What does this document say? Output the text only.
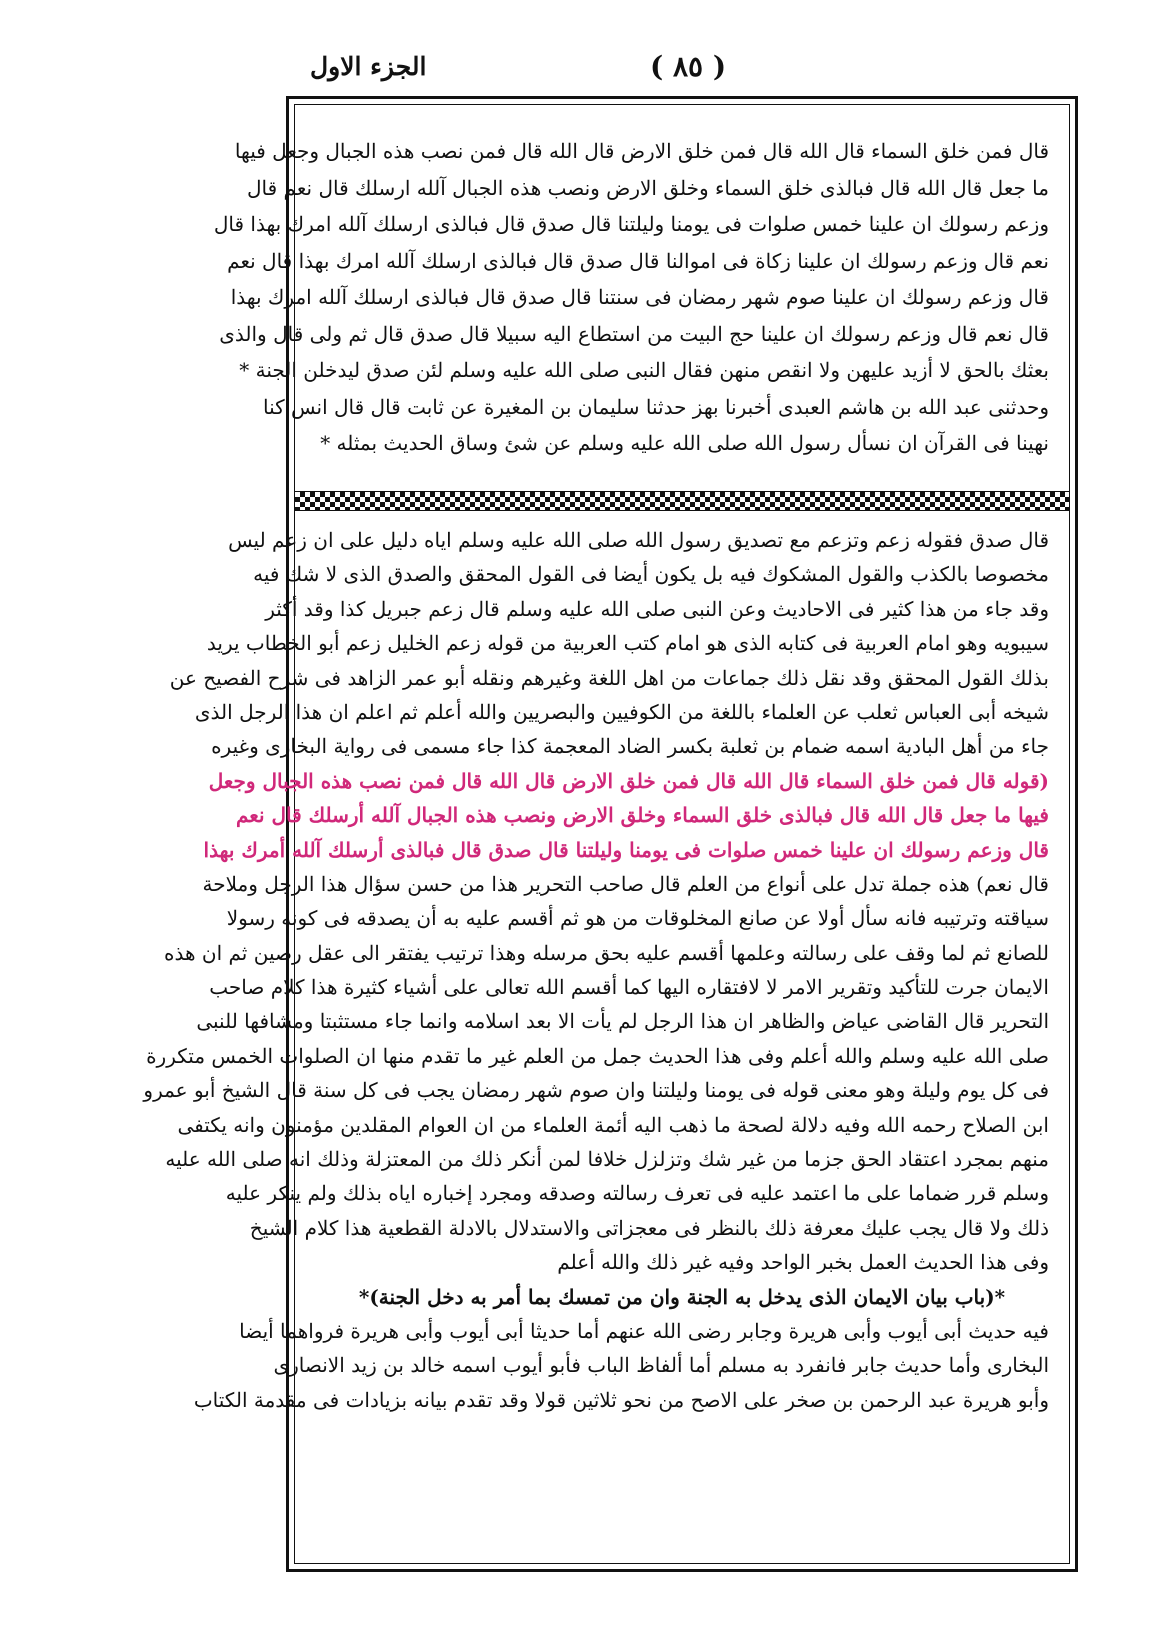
الجزء الاول	( ٨٥ )
قال فمن خلق السماء قال الله قال فمن خلق الارض قال الله قال فمن نصب هذه الجبال وجعل فيها
ما جعل قال الله قال فبالذى خلق السماء وخلق الارض ونصب هذه الجبال آلله ارسلك قال نعم قال
وزعم رسولك ان علينا خمس صلوات فى يومنا وليلتنا قال صدق قال فبالذى ارسلك آلله امرك بهذا قال
نعم قال وزعم رسولك ان علينا زكاة فى اموالنا قال صدق قال فبالذى ارسلك آلله امرك بهذا قال نعم
قال وزعم رسولك ان علينا صوم شهر رمضان فى سنتنا قال صدق قال فبالذى ارسلك آلله امرك بهذا
قال نعم قال وزعم رسولك ان علينا حج البيت من استطاع اليه سبيلا قال صدق قال ثم ولى قال والذى
بعثك بالحق لا أزيد عليهن ولا انقص منهن فقال النبى صلى الله عليه وسلم لئن صدق ليدخلن الجنة *
وحدثنى عبد الله بن هاشم العبدى أخبرنا بهز حدثنا سليمان بن المغيرة عن ثابت قال قال انس كنا
نهينا فى القرآن ان نسأل رسول الله صلى الله عليه وسلم عن شئ وساق الحديث بمثله *
قال صدق فقوله زعم وتزعم مع تصديق رسول الله صلى الله عليه وسلم اياه دليل على ان زعم ليس
مخصوصا بالكذب والقول المشكوك فيه بل يكون أيضا فى القول المحقق والصدق الذى لا شك فيه
وقد جاء من هذا كثير فى الاحاديث وعن النبى صلى الله عليه وسلم قال زعم جبريل كذا وقد أكثر
سيبويه وهو امام العربية فى كتابه الذى هو امام كتب العربية من قوله زعم الخليل زعم أبو الخطاب يريد
بذلك القول المحقق وقد نقل ذلك جماعات من اهل اللغة وغيرهم ونقله أبو عمر الزاهد فى شرح الفصيح عن
شيخه أبى العباس ثعلب عن العلماء باللغة من الكوفيين والبصريين والله أعلم ثم اعلم ان هذا الرجل الذى
جاء من أهل البادية اسمه ضمام بن ثعلبة بكسر الضاد المعجمة كذا جاء مسمى فى رواية البخارى وغيره
(قوله قال فمن خلق السماء قال الله قال فمن خلق الارض قال الله قال فمن نصب هذه الجبال وجعل
فيها ما جعل قال الله قال فبالذى خلق السماء وخلق الارض ونصب هذه الجبال آلله أرسلك قال نعم
قال وزعم رسولك ان علينا خمس صلوات فى يومنا وليلتنا قال صدق قال فبالذى أرسلك آلله أمرك بهذا
قال نعم) هذه جملة تدل على أنواع من العلم قال صاحب التحرير هذا من حسن سؤال هذا الرجل وملاحة
سياقته وترتيبه فانه سأل أولا عن صانع المخلوقات من هو ثم أقسم عليه به أن يصدقه فى كونه رسولا
للصانع ثم لما وقف على رسالته وعلمها أقسم عليه بحق مرسله وهذا ترتيب يفتقر الى عقل رصين ثم ان هذه
الايمان جرت للتأكيد وتقرير الامر لا لافتقاره اليها كما أقسم الله تعالى على أشياء كثيرة هذا كلام صاحب
التحرير قال القاضى عياض والظاهر ان هذا الرجل لم يأت الا بعد اسلامه وانما جاء مستثبتا ومشافها للنبى
صلى الله عليه وسلم والله أعلم وفى هذا الحديث جمل من العلم غير ما تقدم منها ان الصلوات الخمس متكررة
فى كل يوم وليلة وهو معنى قوله فى يومنا وليلتنا وان صوم شهر رمضان يجب فى كل سنة قال الشيخ أبو عمرو
ابن الصلاح رحمه الله وفيه دلالة لصحة ما ذهب اليه أئمة العلماء من ان العوام المقلدين مؤمنون وانه يكتفى
منهم بمجرد اعتقاد الحق جزما من غير شك وتزلزل خلافا لمن أنكر ذلك من المعتزلة وذلك انه صلى الله عليه
وسلم قرر ضماما على ما اعتمد عليه فى تعرف رسالته وصدقه ومجرد إخباره اياه بذلك ولم ينكر عليه
ذلك ولا قال يجب عليك معرفة ذلك بالنظر فى معجزاتى والاستدلال بالادلة القطعية هذا كلام الشيخ
وفى هذا الحديث العمل بخبر الواحد وفيه غير ذلك والله أعلم
*(باب بيان الايمان الذى يدخل به الجنة وان من تمسك بما أمر به دخل الجنة)*
فيه حديث أبى أيوب وأبى هريرة وجابر رضى الله عنهم أما حديثا أبى أيوب وأبى هريرة فرواهما أيضا
البخارى وأما حديث جابر فانفرد به مسلم أما ألفاظ الباب فأبو أيوب اسمه خالد بن زيد الانصارى
وأبو هريرة عبد الرحمن بن صخر على الاصح من نحو ثلاثين قولا وقد تقدم بيانه بزيادات فى مقدمة الكتاب
